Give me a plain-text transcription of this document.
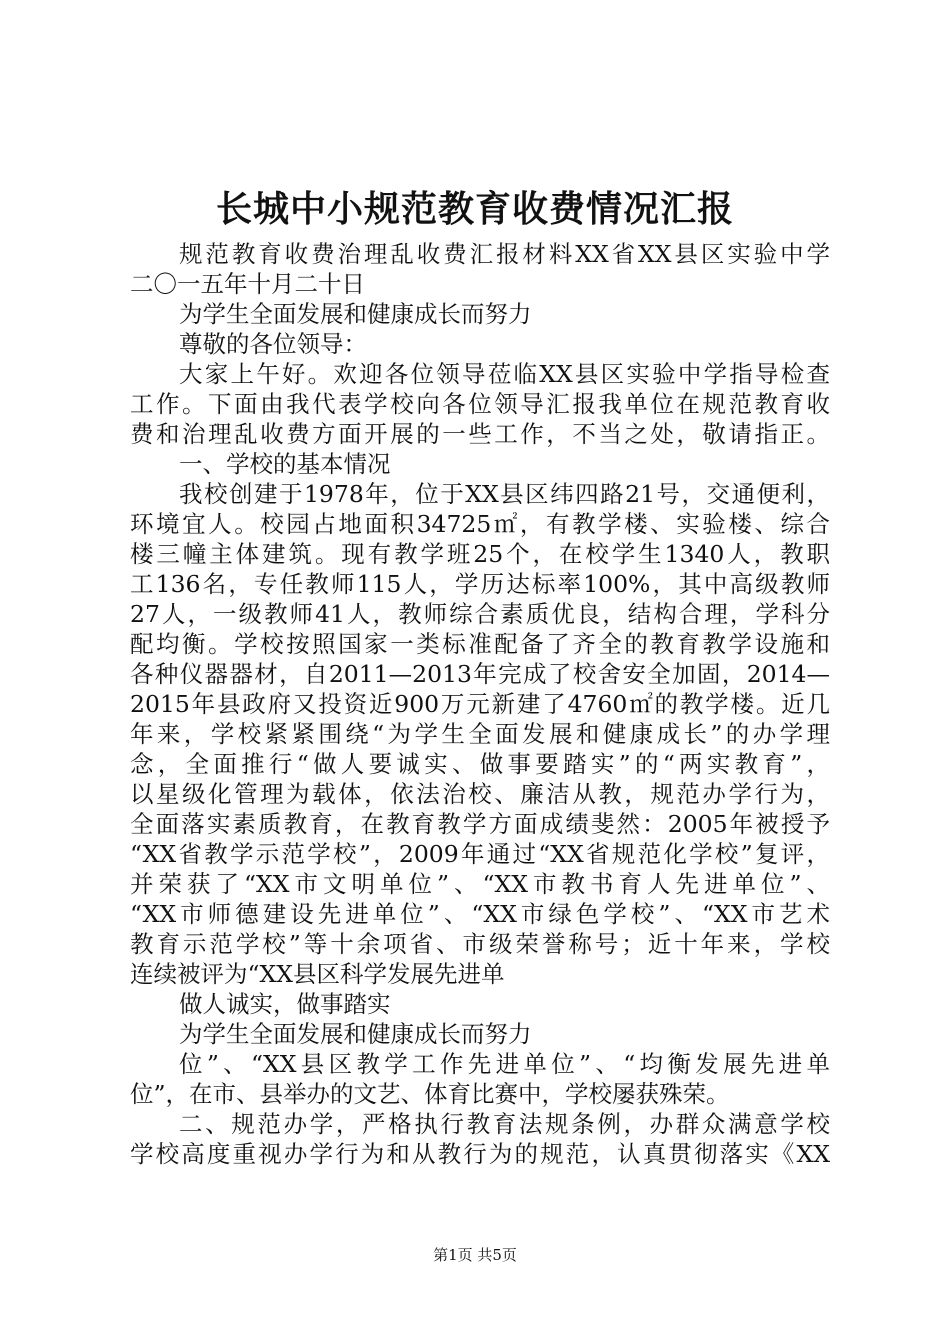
长城中小规范教育收费情况汇报
规范教育收费治理乱收费汇报材料XX省XX县区实验中学
二〇一五年十月二十日
为学生全面发展和健康成长而努力
尊敬的各位领导：
大家上午好。欢迎各位领导莅临XX县区实验中学指导检查
工作。下面由我代表学校向各位领导汇报我单位在规范教育收
费和治理乱收费方面开展的一些工作，不当之处，敬请指正。
一、学校的基本情况
我校创建于1978年，位于XX县区纬四路21号，交通便利，
环境宜人。校园占地面积34725㎡，有教学楼、实验楼、综合
楼三幢主体建筑。现有教学班25个，在校学生1340人，教职
工136名，专任教师115人，学历达标率100%，其中高级教师
27人，一级教师41人，教师综合素质优良，结构合理，学科分
配均衡。学校按照国家一类标准配备了齐全的教育教学设施和
各种仪器器材，自2011—2013年完成了校舍安全加固，2014—
2015年县政府又投资近900万元新建了4760㎡的教学楼。近几
年来，学校紧紧围绕“为学生全面发展和健康成长”的办学理
念，全面推行“做人要诚实、做事要踏实”的“两实教育”，
以星级化管理为载体，依法治校、廉洁从教，规范办学行为，
全面落实素质教育，在教育教学方面成绩斐然：2005年被授予
“XX省教学示范学校”，2009年通过“XX省规范化学校”复评，
并荣获了“XX市文明单位”、“XX市教书育人先进单位”、
“XX市师德建设先进单位”、“XX市绿色学校”、“XX市艺术
教育示范学校”等十余项省、市级荣誉称号；近十年来，学校
连续被评为“XX县区科学发展先进单
做人诚实，做事踏实
为学生全面发展和健康成长而努力
位”、“XX县区教学工作先进单位”、“均衡发展先进单
位”，在市、县举办的文艺、体育比赛中，学校屡获殊荣。
二、规范办学，严格执行教育法规条例，办群众满意学校
学校高度重视办学行为和从教行为的规范，认真贯彻落实《XX
第1页 共5页
